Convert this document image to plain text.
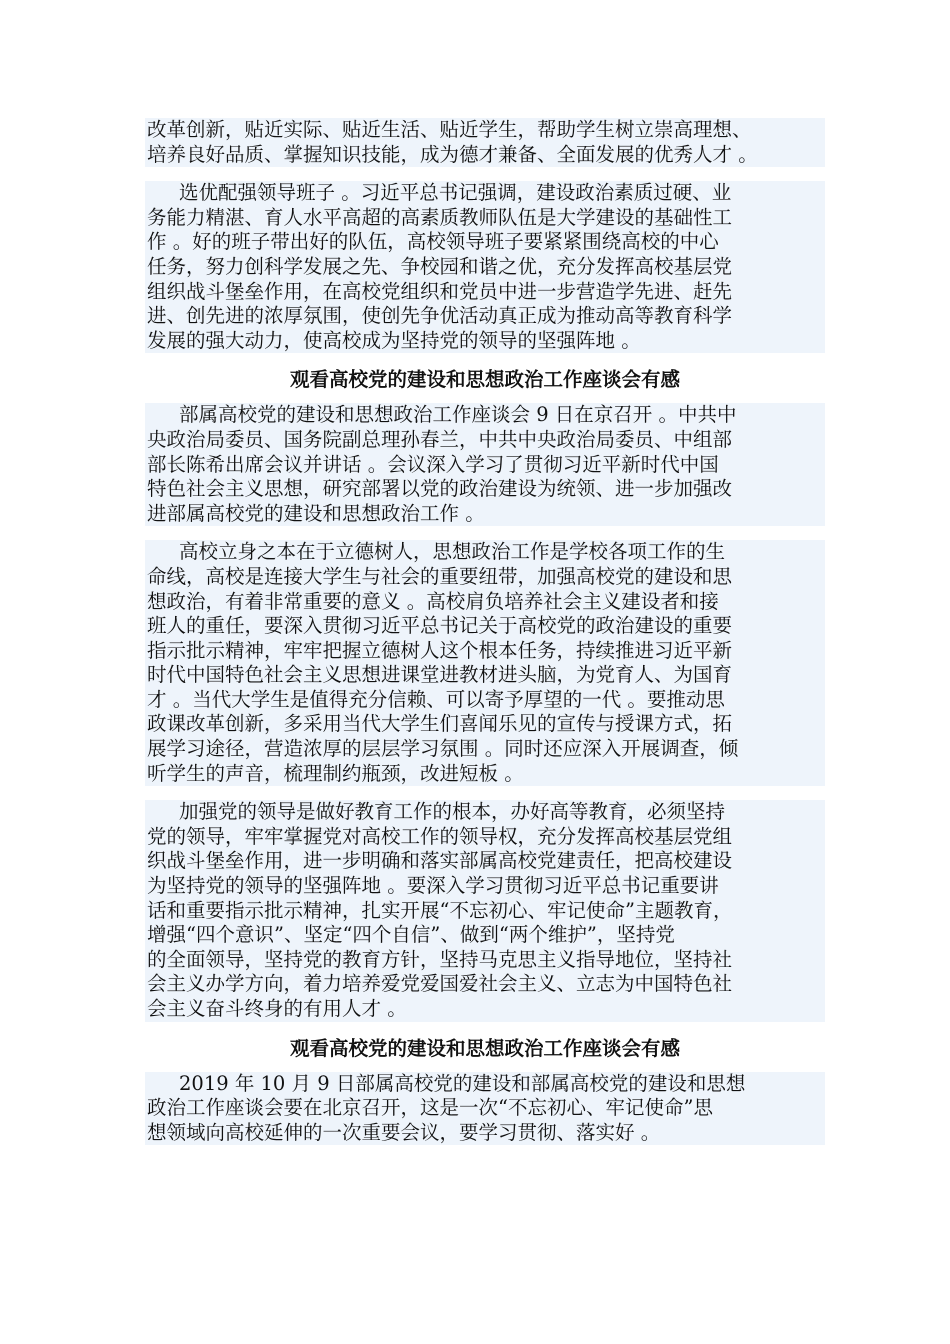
改革创新，贴近实际、贴近生活、贴近学生，帮助学生树立崇高理想、
培养良好品质、掌握知识技能，成为德才兼备、全面发展的优秀人才 。
选优配强领导班子 。习近平总书记强调，建设政治素质过硬、业
务能力精湛、育人水平高超的高素质教师队伍是大学建设的基础性工
作 。好的班子带出好的队伍，高校领导班子要紧紧围绕高校的中心
任务，努力创科学发展之先、争校园和谐之优，充分发挥高校基层党
组织战斗堡垒作用，在高校党组织和党员中进一步营造学先进、赶先
进、创先进的浓厚氛围，使创先争优活动真正成为推动高等教育科学
发展的强大动力，使高校成为坚持党的领导的坚强阵地 。
观看高校党的建设和思想政治工作座谈会有感
部属高校党的建设和思想政治工作座谈会 9 日在京召开 。中共中
央政治局委员、国务院副总理孙春兰，中共中央政治局委员、中组部
部长陈希出席会议并讲话 。会议深入学习了贯彻习近平新时代中国
特色社会主义思想，研究部署以党的政治建设为统领、进一步加强改
进部属高校党的建设和思想政治工作 。
高校立身之本在于立德树人，思想政治工作是学校各项工作的生
命线，高校是连接大学生与社会的重要纽带，加强高校党的建设和思
想政治，有着非常重要的意义 。高校肩负培养社会主义建设者和接
班人的重任，要深入贯彻习近平总书记关于高校党的政治建设的重要
指示批示精神，牢牢把握立德树人这个根本任务，持续推进习近平新
时代中国特色社会主义思想进课堂进教材进头脑，为党育人、为国育
才 。当代大学生是值得充分信赖、可以寄予厚望的一代 。要推动思
政课改革创新，多采用当代大学生们喜闻乐见的宣传与授课方式，拓
展学习途径，营造浓厚的层层学习氛围 。同时还应深入开展调查，倾
听学生的声音，梳理制约瓶颈，改进短板 。
加强党的领导是做好教育工作的根本，办好高等教育，必须坚持
党的领导，牢牢掌握党对高校工作的领导权，充分发挥高校基层党组
织战斗堡垒作用，进一步明确和落实部属高校党建责任，把高校建设
为坚持党的领导的坚强阵地 。要深入学习贯彻习近平总书记重要讲
话和重要指示批示精神，扎实开展“不忘初心、牢记使命”主题教育，
增强“四个意识”、坚定“四个自信”、做到“两个维护”，坚持党
的全面领导，坚持党的教育方针，坚持马克思主义指导地位，坚持社
会主义办学方向，着力培养爱党爱国爱社会主义、立志为中国特色社
会主义奋斗终身的有用人才 。
观看高校党的建设和思想政治工作座谈会有感
2019 年 10 月 9 日部属高校党的建设和部属高校党的建设和思想
政治工作座谈会要在北京召开，这是一次“不忘初心、牢记使命”思
想领域向高校延伸的一次重要会议，要学习贯彻、落实好 。
